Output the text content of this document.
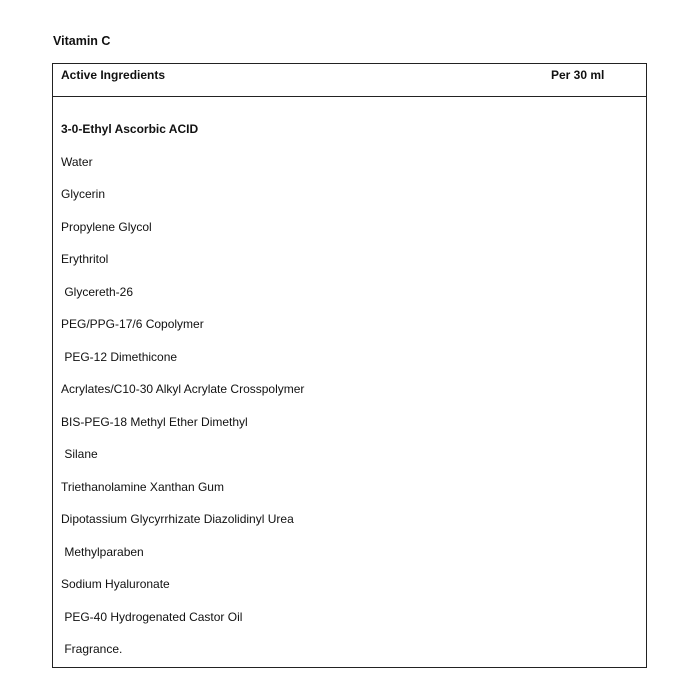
Vitamin C
Active Ingredients	Per 30 ml
3-0-Ethyl Ascorbic ACID
Water
Glycerin
Propylene Glycol
Erythritol
Glycereth-26
PEG/PPG-17/6 Copolymer
PEG-12 Dimethicone
Acrylates/C10-30 Alkyl Acrylate Crosspolymer
BIS-PEG-18 Methyl Ether Dimethyl
Silane
Triethanolamine Xanthan Gum
Dipotassium Glycyrrhizate Diazolidinyl Urea
Methylparaben
Sodium Hyaluronate
PEG-40 Hydrogenated Castor Oil
Fragrance.
